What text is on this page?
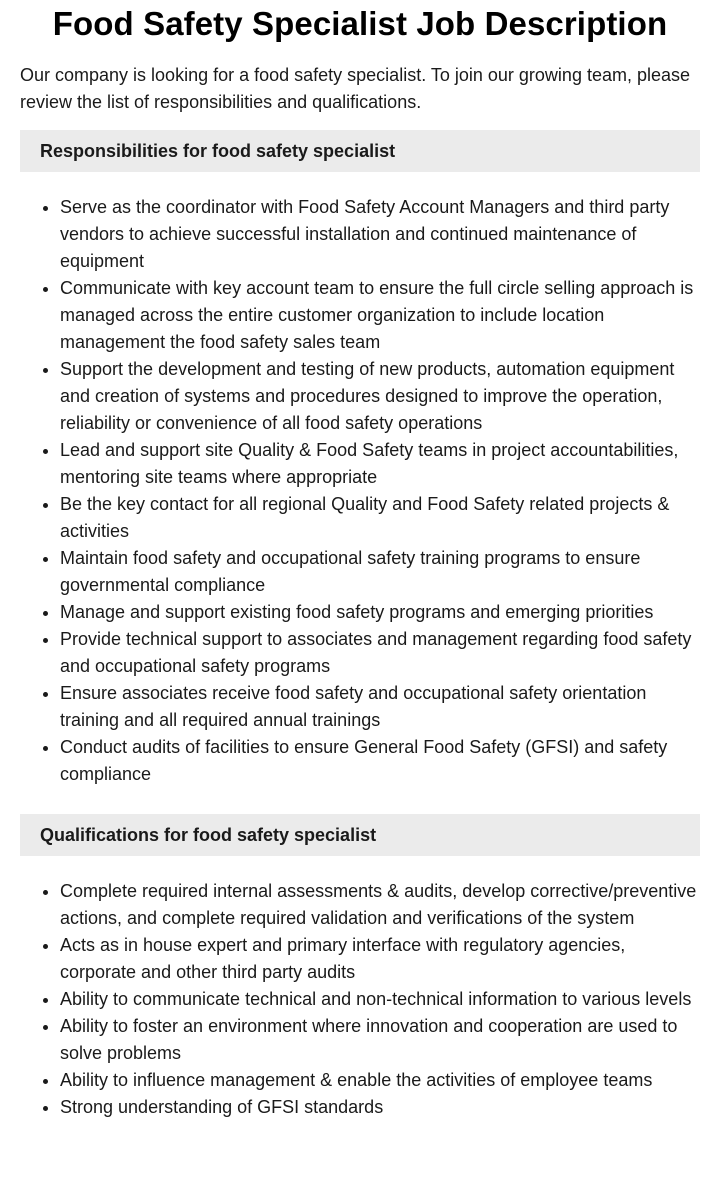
Food Safety Specialist Job Description

Our company is looking for a food safety specialist. To join our growing team, please review the list of responsibilities and qualifications.

Responsibilities for food safety specialist
• Serve as the coordinator with Food Safety Account Managers and third party vendors to achieve successful installation and continued maintenance of equipment
• Communicate with key account team to ensure the full circle selling approach is managed across the entire customer organization to include location management the food safety sales team
• Support the development and testing of new products, automation equipment and creation of systems and procedures designed to improve the operation, reliability or convenience of all food safety operations
• Lead and support site Quality & Food Safety teams in project accountabilities, mentoring site teams where appropriate
• Be the key contact for all regional Quality and Food Safety related projects & activities
• Maintain food safety and occupational safety training programs to ensure governmental compliance
• Manage and support existing food safety programs and emerging priorities
• Provide technical support to associates and management regarding food safety and occupational safety programs
• Ensure associates receive food safety and occupational safety orientation training and all required annual trainings
• Conduct audits of facilities to ensure General Food Safety (GFSI) and safety compliance
Qualifications for food safety specialist
• Complete required internal assessments & audits, develop corrective/preventive actions, and complete required validation and verifications of the system
• Acts as in house expert and primary interface with regulatory agencies, corporate and other third party audits
• Ability to communicate technical and non-technical information to various levels
• Ability to foster an environment where innovation and cooperation are used to solve problems
• Ability to influence management & enable the activities of employee teams
• Strong understanding of GFSI standards
